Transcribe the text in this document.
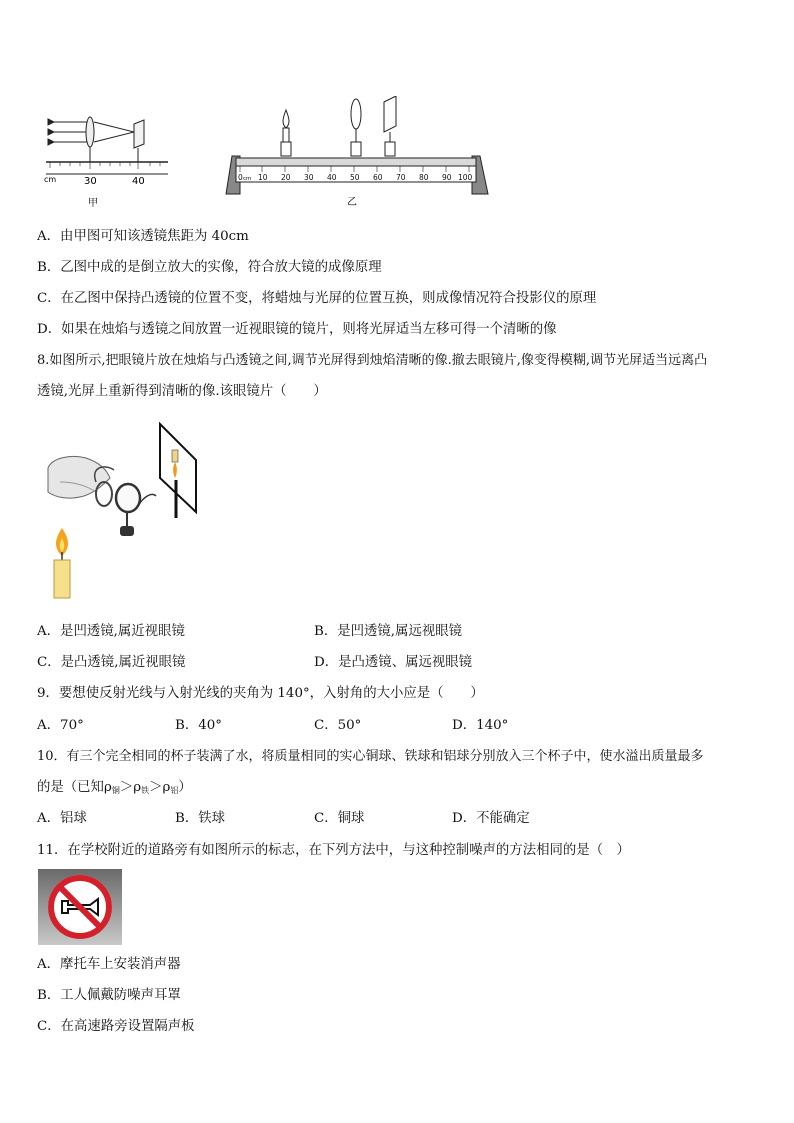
cm	30	40
甲
0 cm 10 20 30 40 50 60 70 80 90 100
乙
A．由甲图可知该透镜焦距为 40cm
B．乙图中成的是倒立放大的实像，符合放大镜的成像原理
C．在乙图中保持凸透镜的位置不变，将蜡烛与光屏的位置互换，则成像情况符合投影仪的原理
D．如果在烛焰与透镜之间放置一近视眼镜的镜片，则将光屏适当左移可得一个清晰的像
8.如图所示,把眼镜片放在烛焰与凸透镜之间,调节光屏得到烛焰清晰的像.撤去眼镜片,像变得模糊,调节光屏适当远离凸
透镜,光屏上重新得到清晰的像.该眼镜片（　　）
A．是凹透镜,属近视眼镜	B．是凹透镜,属远视眼镜
C．是凸透镜,属近视眼镜	D．是凸透镜、属远视眼镜
9．要想使反射光线与入射光线的夹角为 140°，入射角的大小应是（　　）
A．70°	B．40°	C．50°	D．140°
10．有三个完全相同的杯子装满了水，将质量相同的实心铜球、铁球和铝球分别放入三个杯子中，使水溢出质量最多
的是（已知$\rho_铜>\rho_铁>\rho_铝$）
A．铝球	B．铁球	C．铜球	D．不能确定
11．在学校附近的道路旁有如图所示的标志，在下列方法中，与这种控制噪声的方法相同的是（　）
A．摩托车上安装消声器
B．工人佩戴防噪声耳罩
C．在高速路旁设置隔声板
